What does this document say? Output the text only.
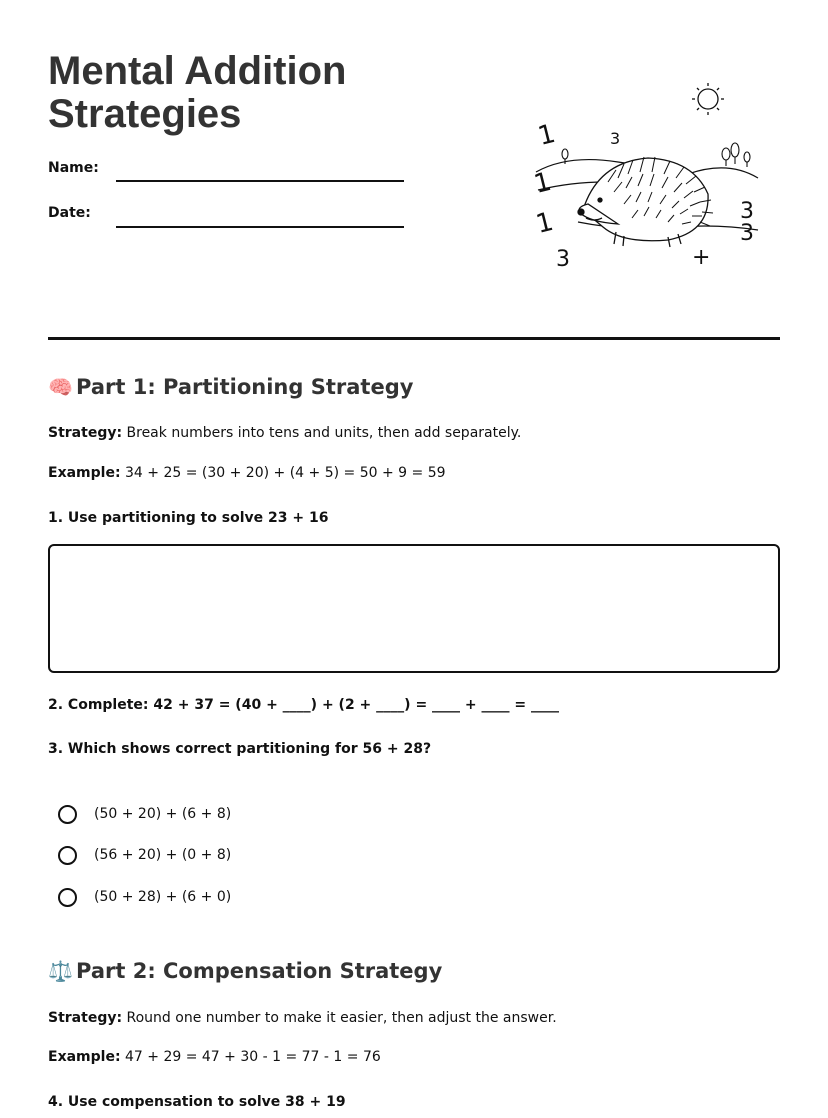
Mental Addition
Strategies
Name:
Date:
1	3
1
1	3
3
3	+
🧠 Part 1: Partitioning Strategy
Strategy: Break numbers into tens and units, then add separately.
Example: 34 + 25 = (30 + 20) + (4 + 5) = 50 + 9 = 59
1. Use partitioning to solve 23 + 16
2. Complete: 42 + 37 = (40 + ____) + (2 + ____) = ____ + ____ = ____
3. Which shows correct partitioning for 56 + 28?
(50 + 20) + (6 + 8)
(56 + 20) + (0 + 8)
(50 + 28) + (6 + 0)
⚖️ Part 2: Compensation Strategy
Strategy: Round one number to make it easier, then adjust the answer.
Example: 47 + 29 = 47 + 30 - 1 = 77 - 1 = 76
4. Use compensation to solve 38 + 19
